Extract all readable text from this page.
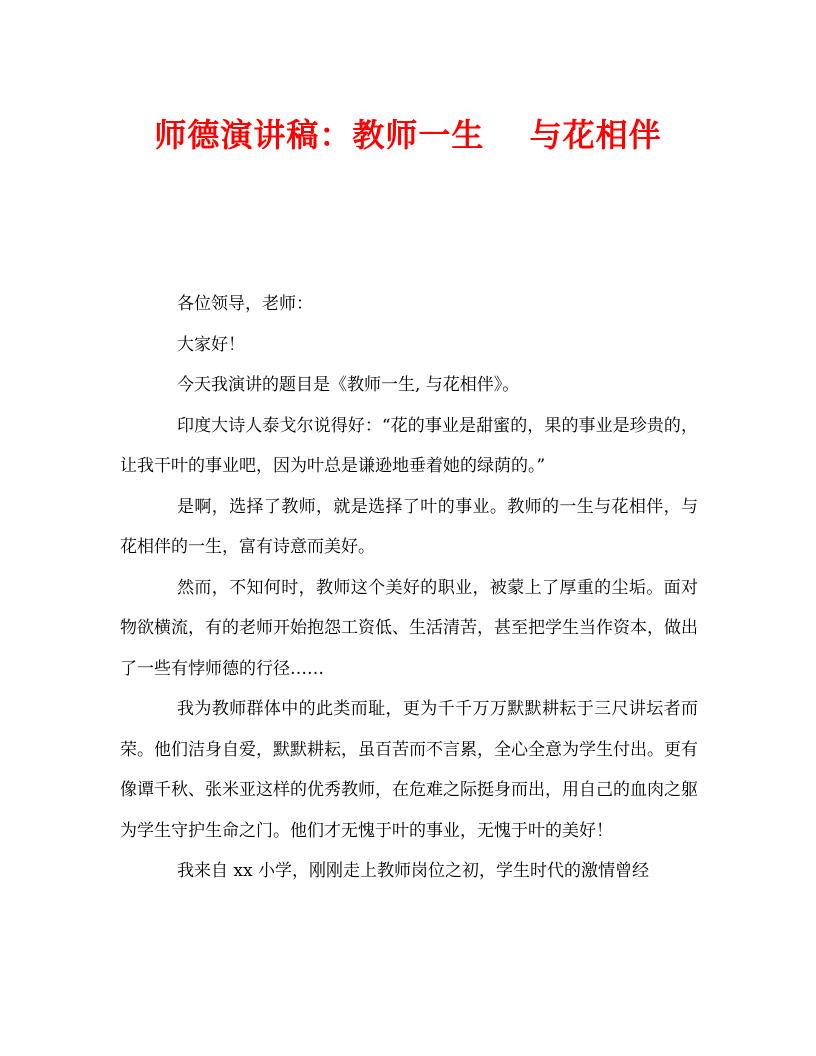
师德演讲稿：教师一生　 与花相伴

各位领导，老师：

大家好！

今天我演讲的题目是《教师一生, 与花相伴》。

印度大诗人泰戈尔说得好：“花的事业是甜蜜的，果的事业是珍贵的，让我干叶的事业吧，因为叶总是谦逊地垂着她的绿荫的。”

是啊，选择了教师，就是选择了叶的事业。教师的一生与花相伴，与花相伴的一生，富有诗意而美好。

然而，不知何时，教师这个美好的职业，被蒙上了厚重的尘垢。面对物欲横流，有的老师开始抱怨工资低、生活清苦，甚至把学生当作资本，做出了一些有悖师德的行径……

我为教师群体中的此类而耻，更为千千万万默默耕耘于三尺讲坛者而荣。他们洁身自爱，默默耕耘，虽百苦而不言累，全心全意为学生付出。更有像谭千秋、张米亚这样的优秀教师，在危难之际挺身而出，用自己的血肉之躯为学生守护生命之门。他们才无愧于叶的事业，无愧于叶的美好！

我来自 xx 小学，刚刚走上教师岗位之初，学生时代的激情曾经
